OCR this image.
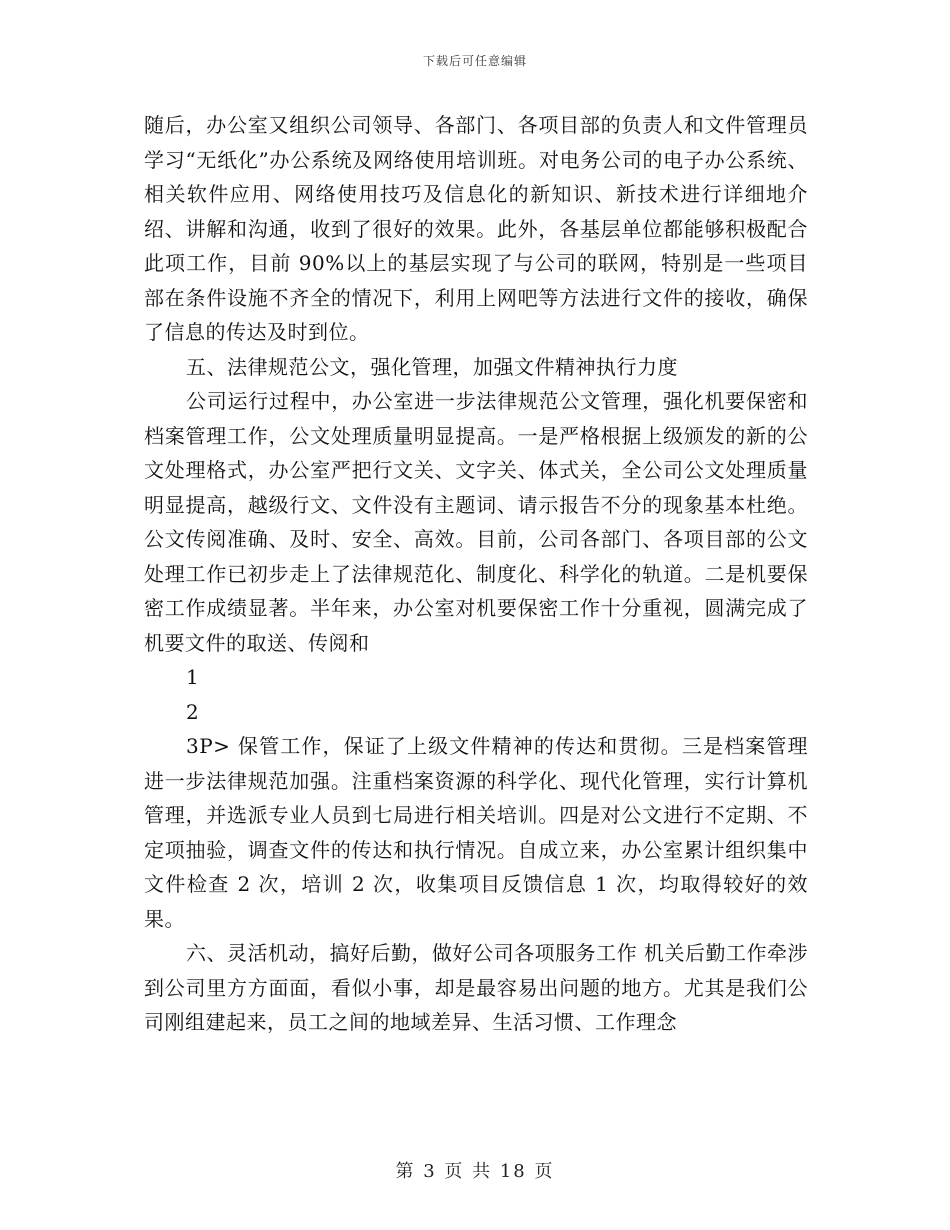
下载后可任意编辑

随后，办公室又组织公司领导、各部门、各项目部的负责人和文件管理员学习“无纸化”办公系统及网络使用培训班。对电务公司的电子办公系统、相关软件应用、网络使用技巧及信息化的新知识、新技术进行详细地介绍、讲解和沟通，收到了很好的效果。此外，各基层单位都能够积极配合此项工作，目前 90%以上的基层实现了与公司的联网，特别是一些项目部在条件设施不齐全的情况下，利用上网吧等方法进行文件的接收，确保了信息的传达及时到位。

五、法律规范公文，强化管理，加强文件精神执行力度

公司运行过程中，办公室进一步法律规范公文管理，强化机要保密和档案管理工作，公文处理质量明显提高。一是严格根据上级颁发的新的公文处理格式，办公室严把行文关、文字关、体式关，全公司公文处理质量明显提高，越级行文、文件没有主题词、请示报告不分的现象基本杜绝。公文传阅准确、及时、安全、高效。目前，公司各部门、各项目部的公文处理工作已初步走上了法律规范化、制度化、科学化的轨道。二是机要保密工作成绩显著。半年来，办公室对机要保密工作十分重视，圆满完成了机要文件的取送、传阅和

1

2

3P> 保管工作，保证了上级文件精神的传达和贯彻。三是档案管理进一步法律规范加强。注重档案资源的科学化、现代化管理，实行计算机管理，并选派专业人员到七局进行相关培训。四是对公文进行不定期、不定项抽验，调查文件的传达和执行情况。自成立来，办公室累计组织集中文件检查 2 次，培训 2 次，收集项目反馈信息 1 次，均取得较好的效果。

六、灵活机动，搞好后勤，做好公司各项服务工作 机关后勤工作牵涉到公司里方方面面，看似小事，却是最容易出问题的地方。尤其是我们公司刚组建起来，员工之间的地域差异、生活习惯、工作理念

第 3 页 共 18 页
